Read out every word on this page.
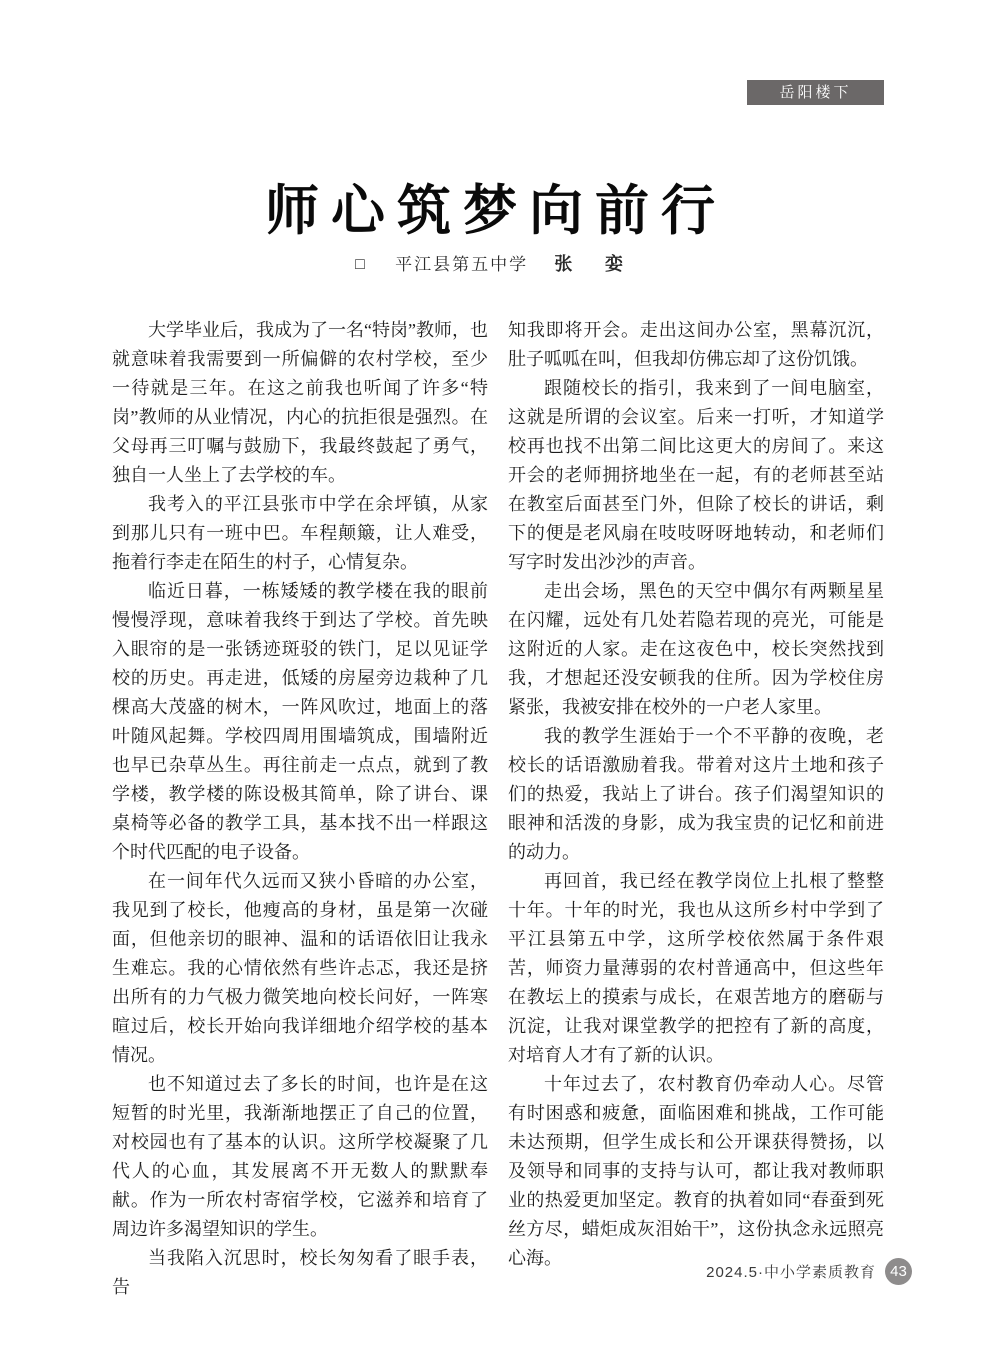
岳阳楼下
师心筑梦向前行
□ 平江县第五中学 张 娈

大学毕业后，我成为了一名“特岗”教师，也就意味着我需要到一所偏僻的农村学校，至少一待就是三年。在这之前我也听闻了许多“特岗”教师的从业情况，内心的抗拒很是强烈。在父母再三叮嘱与鼓励下，我最终鼓起了勇气，独自一人坐上了去学校的车。

我考入的平江县张市中学在余坪镇，从家到那儿只有一班中巴。车程颠簸，让人难受，拖着行李走在陌生的村子，心情复杂。

临近日暮，一栋矮矮的教学楼在我的眼前慢慢浮现，意味着我终于到达了学校。首先映入眼帘的是一张锈迹斑驳的铁门，足以见证学校的历史。再走进，低矮的房屋旁边栽种了几棵高大茂盛的树木，一阵风吹过，地面上的落叶随风起舞。学校四周用围墙筑成，围墙附近也早已杂草丛生。再往前走一点点，就到了教学楼，教学楼的陈设极其简单，除了讲台、课桌椅等必备的教学工具，基本找不出一样跟这个时代匹配的电子设备。

在一间年代久远而又狭小昏暗的办公室，我见到了校长，他瘦高的身材，虽是第一次碰面，但他亲切的眼神、温和的话语依旧让我永生难忘。我的心情依然有些许忐忑，我还是挤出所有的力气极力微笑地向校长问好，一阵寒暄过后，校长开始向我详细地介绍学校的基本情况。

也不知道过去了多长的时间，也许是在这短暂的时光里，我渐渐地摆正了自己的位置，对校园也有了基本的认识。这所学校凝聚了几代人的心血，其发展离不开无数人的默默奉献。作为一所农村寄宿学校，它滋养和培育了周边许多渴望知识的学生。

当我陷入沉思时，校长匆匆看了眼手表，告

知我即将开会。走出这间办公室，黑幕沉沉，肚子呱呱在叫，但我却仿佛忘却了这份饥饿。

跟随校长的指引，我来到了一间电脑室，这就是所谓的会议室。后来一打听，才知道学校再也找不出第二间比这更大的房间了。来这开会的老师拥挤地坐在一起，有的老师甚至站在教室后面甚至门外，但除了校长的讲话，剩下的便是老风扇在吱吱呀呀地转动，和老师们写字时发出沙沙的声音。

走出会场，黑色的天空中偶尔有两颗星星在闪耀，远处有几处若隐若现的亮光，可能是这附近的人家。走在这夜色中，校长突然找到我，才想起还没安顿我的住所。因为学校住房紧张，我被安排在校外的一户老人家里。

我的教学生涯始于一个不平静的夜晚，老校长的话语激励着我。带着对这片土地和孩子们的热爱，我站上了讲台。孩子们渴望知识的眼神和活泼的身影，成为我宝贵的记忆和前进的动力。

再回首，我已经在教学岗位上扎根了整整十年。十年的时光，我也从这所乡村中学到了平江县第五中学，这所学校依然属于条件艰苦，师资力量薄弱的农村普通高中，但这些年在教坛上的摸索与成长，在艰苦地方的磨砺与沉淀，让我对课堂教学的把控有了新的高度，对培育人才有了新的认识。

十年过去了，农村教育仍牵动人心。尽管有时困惑和疲惫，面临困难和挑战，工作可能未达预期，但学生成长和公开课获得赞扬，以及领导和同事的支持与认可，都让我对教师职业的热爱更加坚定。教育的执着如同“春蚕到死丝方尽，蜡炬成灰泪始干”，这份执念永远照亮心海。

2024.5·中小学素质教育 43
